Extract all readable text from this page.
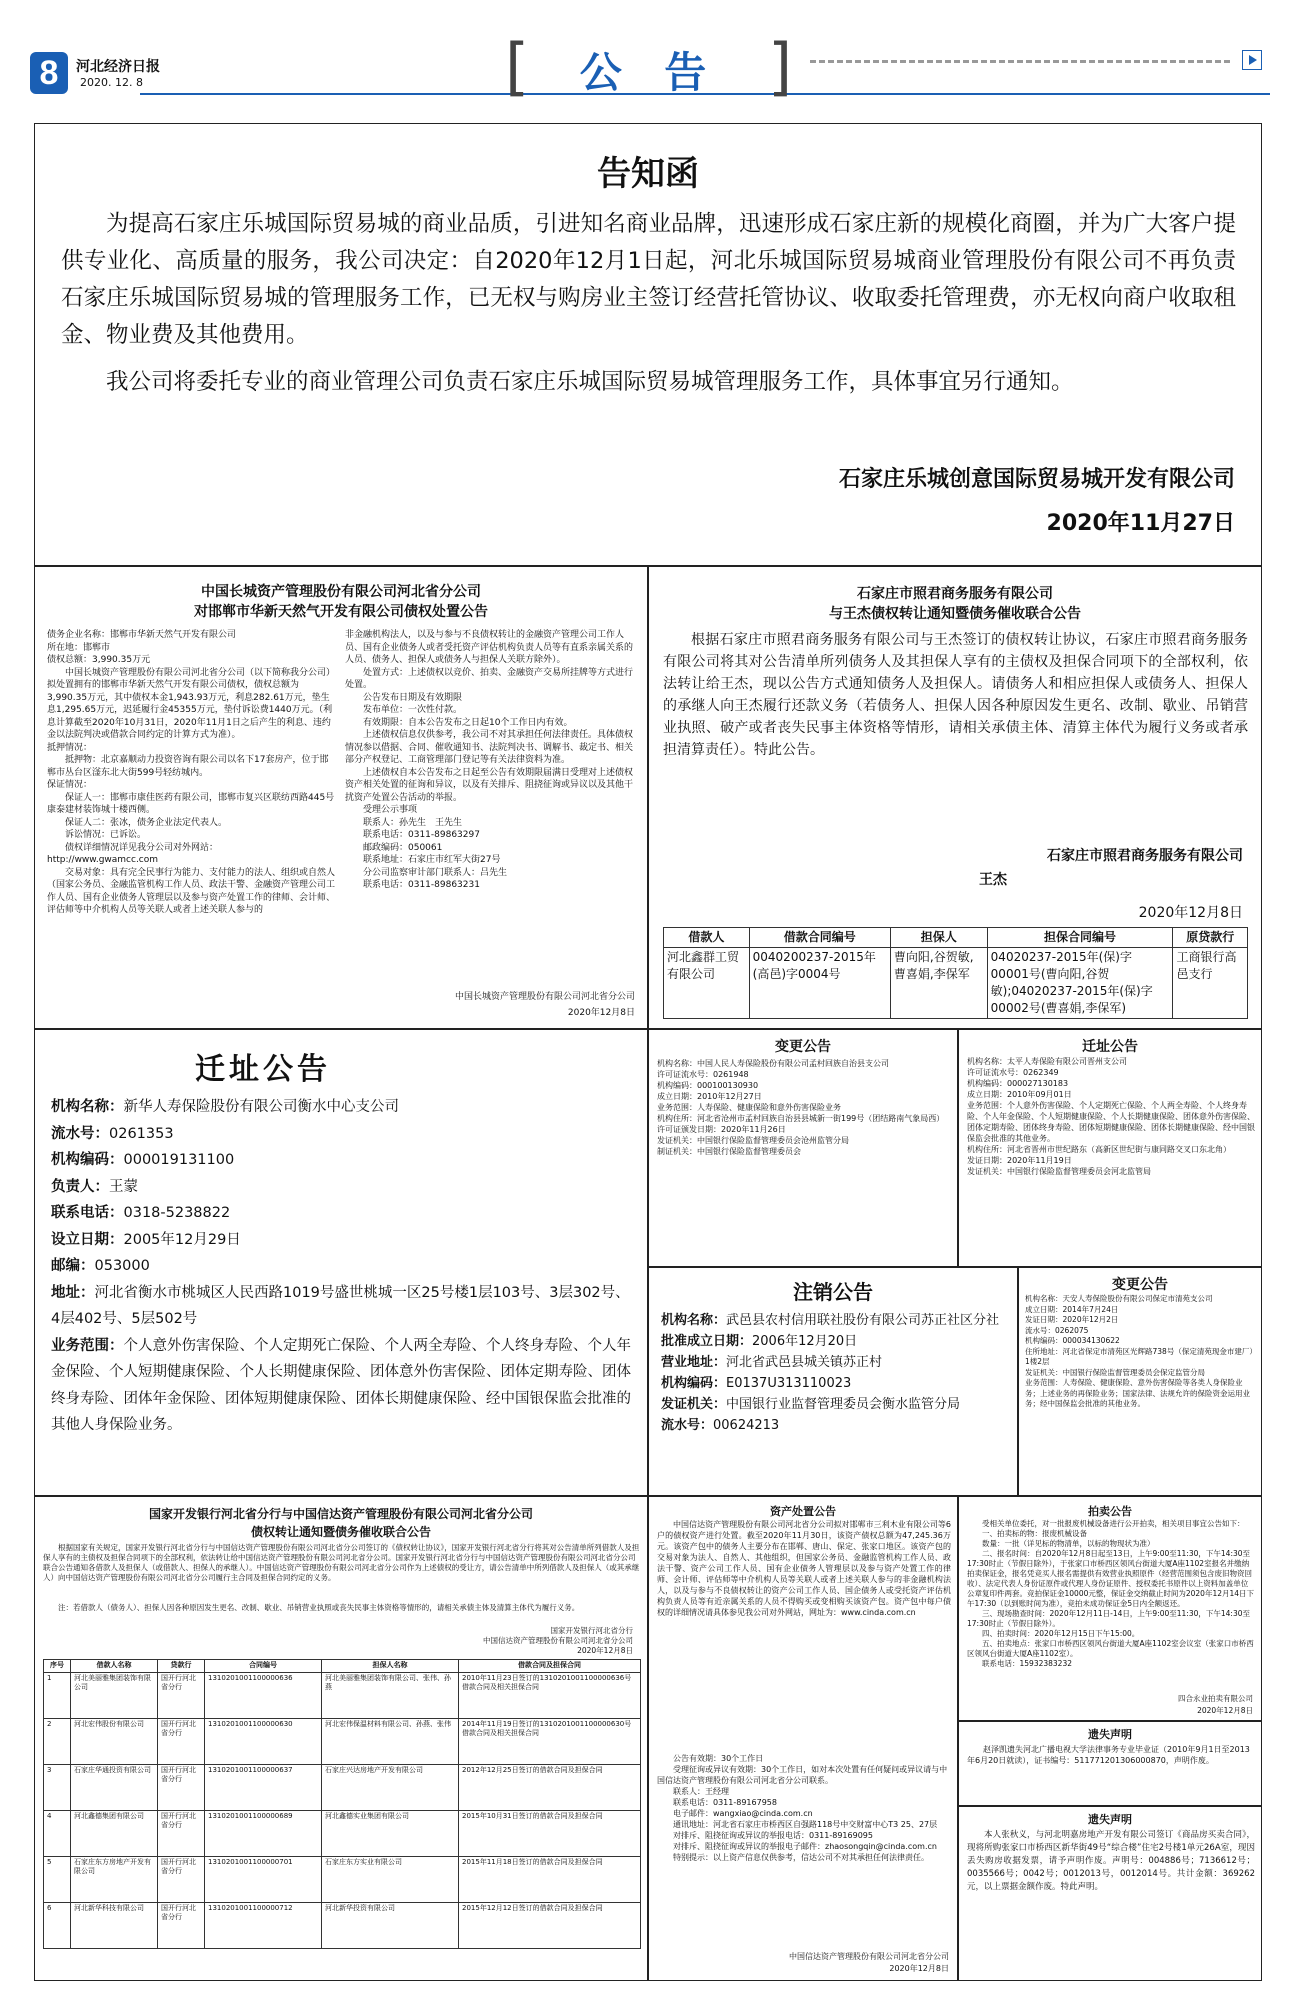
8	河北经济日报
2020. 12. 8	[	公 告 ]
告知函

为提高石家庄乐城国际贸易城的商业品质，引进知名商业品牌，迅速形成石家庄新的规模化商圈，并为广大客户提供专业化、高质量的服务，我公司决定：自2020年12月1日起，河北乐城国际贸易城商业管理股份有限公司不再负责石家庄乐城国际贸易城的管理服务工作，已无权与购房业主签订经营托管协议、收取委托管理费，亦无权向商户收取租金、物业费及其他费用。

我公司将委托专业的商业管理公司负责石家庄乐城国际贸易城管理服务工作，具体事宜另行通知。

石家庄乐城创意国际贸易城开发有限公司
2020年11月27日
中国长城资产管理股份有限公司河北省分公司
对邯郸市华新天然气开发有限公司债权处置公告

债务企业名称：邯郸市华新天然气开发有限公司

所在地：邯郸市

债权总额：3,990.35万元

中国长城资产管理股份有限公司河北省分公司（以下简称我分公司）拟处置拥有的邯郸市华新天然气开发有限公司债权，债权总额为3,990.35万元，其中债权本金1,943.93万元，利息282.61万元，垫生息1,295.65万元，迟延履行金45355万元，垫付诉讼费1440万元。（利息计算截至2020年10月31日，2020年11月1日之后产生的利息、违约金以法院判决或借款合同约定的计算方式为准）。

抵押情况：

抵押物：北京嘉顺动力投资咨询有限公司以名下17套房产，位于邯郸市丛台区滏东北大街599号轻纺城内。

保证情况：

保证人一：邯郸市康佳医药有限公司，邯郸市复兴区联纺西路445号康泰建材装饰城十楼西侧。

保证人二：张冰，债务企业法定代表人。

诉讼情况：已诉讼。

债权详细情况详见我分公司对外网站：

http://www.gwamcc.com

交易对象：具有完全民事行为能力、支付能力的法人、组织或自然人（国家公务员、金融监管机构工作人员、政法干警、金融资产管理公司工作人员、国有企业债务人管理层以及参与资产处置工作的律师、会计师、评估师等中介机构人员等关联人或者上述关联人参与的

非金融机构法人，以及与参与不良债权转让的金融资产管理公司工作人员、国有企业债务人或者受托资产评估机构负责人员等有直系亲属关系的人员、债务人、担保人或债务人与担保人关联方除外）。

处置方式：上述债权以竞价、拍卖、金融资产交易所挂牌等方式进行处置。

公告发布日期及有效期限

发布单位：一次性付款。

有效期限：自本公告发布之日起10个工作日内有效。

上述债权信息仅供参考，我公司不对其承担任何法律责任。具体债权情况参以借据、合同、催收通知书、法院判决书、调解书、裁定书、相关部分产权登记、工商管理部门登记等有关法律资料为准。

上述债权自本公告发布之日起至公告有效期限届满日受理对上述债权资产相关处置的征询和异议，以及有关排斥、阻挠征询或异议以及其他干扰资产处置公告活动的举报。

受理公示事项

联系人：孙先生　王先生

联系电话：0311-89863297

邮政编码：050061

联系地址：石家庄市红军大街27号

分公司监察审计部门联系人：吕先生

联系电话：0311-89863231

中国长城资产管理股份有限公司河北省分公司
2020年12月8日
石家庄市照君商务服务有限公司
与王杰债权转让通知暨债务催收联合公告

根据石家庄市照君商务服务有限公司与王杰签订的债权转让协议，石家庄市照君商务服务有限公司将其对公告清单所列债务人及其担保人享有的主债权及担保合同项下的全部权利，依法转让给王杰，现以公告方式通知债务人及担保人。请债务人和相应担保人或债务人、担保人的承继人向王杰履行还款义务（若债务人、担保人因各种原因发生更名、改制、歇业、吊销营业执照、破产或者丧失民事主体资格等情形，请相关承债主体、清算主体代为履行义务或者承担清算责任）。特此公告。

石家庄市照君商务服务有限公司
王杰
2020年12月8日
借款人	借款合同编号	担保人	担保合同编号	原贷款行
河北鑫群工贸有限公司	0040200237-2015年(高邑)字0004号	曹向阳,谷贺敏,曹喜娟,李保军	04020237-2015年(保)字00001号(曹向阳,谷贺敏);04020237-2015年(保)字00002号(曹喜娟,李保军)	工商银行高邑支行
迁址公告

机构名称：新华人寿保险股份有限公司衡水中心支公司

流水号：0261353

机构编码：000019131100

负责人：王蒙

联系电话：0318-5238822

设立日期：2005年12月29日

邮编：053000

地址：河北省衡水市桃城区人民西路1019号盛世桃城一区25号楼1层103号、3层302号、4层402号、5层502号

业务范围：个人意外伤害保险、个人定期死亡保险、个人两全寿险、个人终身寿险、个人年金保险、个人短期健康保险、个人长期健康保险、团体意外伤害保险、团体定期寿险、团体终身寿险、团体年金保险、团体短期健康保险、团体长期健康保险、经中国银保监会批准的其他人身保险业务。

变更公告

机构名称：中国人民人寿保险股份有限公司孟村回族自治县支公司

许可证流水号：0261948

机构编码：000100130930

成立日期：2010年12月27日

业务范围：人寿保险、健康保险和意外伤害保险业务

机构住所：河北省沧州市孟村回族自治县县城新一街199号（团结路南气象局西）

许可证颁发日期：2020年11月26日

发证机关：中国银行保险监督管理委员会沧州监管分局

制证机关：中国银行保险监督管理委员会

迁址公告

机构名称：太平人寿保险有限公司晋州支公司

许可证流水号：0262349

机构编码：000027130183

成立日期：2010年09月01日

业务范围：个人意外伤害保险、个人定期死亡保险、个人两全寿险、个人终身寿险、个人年金保险、个人短期健康保险、个人长期健康保险、团体意外伤害保险、团体定期寿险、团体终身寿险、团体短期健康保险、团体长期健康保险、经中国银保监会批准的其他业务。

机构住所：河北省晋州市世纪路东（高新区世纪街与康同路交叉口东北角）

发证日期：2020年11月19日

发证机关：中国银行保险监督管理委员会河北监管局

注销公告

机构名称：武邑县农村信用联社股份有限公司苏正社区分社

批准成立日期：2006年12月20日

营业地址：河北省武邑县城关镇苏正村

机构编码：E0137U313110023

发证机关：中国银行业监督管理委员会衡水监管分局

流水号：00624213

变更公告

机构名称：天安人寿保险股份有限公司保定市清苑支公司

成立日期：2014年7月24日

发证日期：2020年12月2日

流水号：0262075

机构编码：000034130622

住所地址：河北省保定市清苑区光辉路738号（保定清苑现金市建厂）1楼2层

发证机关：中国银行保险监督管理委员会保定监管分局

业务范围：人寿保险、健康保险、意外伤害保险等各类人身保险业务；上述业务的再保险业务；国家法律、法规允许的保险资金运用业务；经中国保监会批准的其他业务。

国家开发银行河北省分行与中国信达资产管理股份有限公司河北省分公司
债权转让通知暨债务催收联合公告

根据国家有关规定，国家开发银行河北省分行与中国信达资产管理股份有限公司河北省分公司签订的《债权转让协议》，国家开发银行河北省分行将其对公告清单所列借款人及担保人享有的主债权及担保合同项下的全部权利，依法转让给中国信达资产管理股份有限公司河北省分公司。国家开发银行河北省分行与中国信达资产管理股份有限公司河北省分公司联合公告通知各借款人及担保人（或借款人、担保人的承继人）。中国信达资产管理股份有限公司河北省分公司作为上述债权的受让方，请公告清单中所列借款人及担保人（或其承继人）向中国信达资产管理股份有限公司河北省分公司履行主合同及担保合同约定的义务。

注：若借款人（债务人）、担保人因各种原因发生更名、改制、歇业、吊销营业执照或丧失民事主体资格等情形的，请相关承债主体及清算主体代为履行义务。

国家开发银行河北省分行
中国信达资产管理股份有限公司河北省分公司
2020年12月8日
序号	借款人名称	贷款行	合同编号	担保人名称	借款合同及担保合同
1	河北美丽雅集团装饰有限公司	国开行河北省分行	1310201001100000636	河北美丽雅集团装饰有限公司、张伟、孙燕	2010年11月23日签订的1310201001100000636号借款合同及相关担保合同
2	河北宏伟股份有限公司	国开行河北省分行	1310201001100000630	河北宏伟保温材料有限公司、孙燕、张伟	2014年11月19日签订的1310201001100000630号借款合同及相关担保合同
3	石家庄华通投资有限公司	国开行河北省分行	1310201001100000637	石家庄兴达房地产开发有限公司	2012年12月25日签订的借款合同及担保合同
4	河北鑫德集团有限公司	国开行河北省分行	1310201001100000689	河北鑫德实业集团有限公司	2015年10月31日签订的借款合同及担保合同
5	石家庄东方房地产开发有限公司	国开行河北省分行	1310201001100000701	石家庄东方实业有限公司	2015年11月18日签订的借款合同及担保合同
6	河北新华科技有限公司	国开行河北省分行	1310201001100000712	河北新华投资有限公司	2015年12月12日签订的借款合同及担保合同
资产处置公告

中国信达资产管理股份有限公司河北省分公司拟对邯郸市三利木业有限公司等6户的债权资产进行处置。截至2020年11月30日，该资产债权总额为47,245.36万元。该资产包中的债务人主要分布在邯郸、唐山、保定、张家口地区。该资产包的交易对象为法人、自然人、其他组织，但国家公务员、金融监管机构工作人员、政法干警、资产公司工作人员、国有企业债务人管理层以及参与资产处置工作的律师、会计师、评估师等中介机构人员等关联人或者上述关联人参与的非金融机构法人，以及与参与不良债权转让的资产公司工作人员、国企债务人或受托资产评估机构负责人员等有近亲属关系的人员不得购买或变相购买该资产包。资产包中每户债权的详细情况请具体参见我公司对外网站，网址为：www.cinda.com.cn

公告有效期：30个工作日

受理征询或异议有效期：30个工作日，如对本次处置有任何疑问或异议请与中国信达资产管理股份有限公司河北省分公司联系。

联系人：王经理

联系电话：0311-89167958

电子邮件：wangxiao@cinda.com.cn

通讯地址：河北省石家庄市桥西区自强路118号中交财富中心T3 25、27层

对排斥、阻挠征询或异议的举报电话：0311-89169095

对排斥、阻挠征询或异议的举报电子邮件：zhaosongqin@cinda.com.cn

特别提示：以上资产信息仅供参考，信达公司不对其承担任何法律责任。

中国信达资产管理股份有限公司河北省分公司
2020年12月8日
拍卖公告

受相关单位委托，对一批报废机械设备进行公开拍卖，相关项目事宜公告如下：

一、拍卖标的物：报废机械设备

数量：一批（详见标的物清单，以标的物现状为准）

二、报名时间：自2020年12月8日起至13日，上午9:00至11:30，下午14:30至17:30时止（节假日除外），于张家口市桥西区领风台街道大厦A座1102室报名并缴纳拍卖保证金，报名凭竞买人报名需提供有效营业执照原件（经营范围须包含废旧物资回收）、法定代表人身份证原件或代理人身份证原件、授权委托书原件以上资料加盖单位公章复印件两套。竞拍保证金10000元整，保证金交纳截止时间为2020年12月14日下午17:30（以到账时间为准），竞拍未成功保证金5日内全额返还。

三、现场勘查时间：2020年12月11日-14日，上午9:00至11:30，下午14:30至17:30时止（节假日除外）。

四、拍卖时间：2020年12月15日下午15:00。

五、拍卖地点：张家口市桥西区领风台街道大厦A座1102室会议室（张家口市桥西区领风台街道大厦A座1102室）。

联系电话：15932383232

四合永业拍卖有限公司
2020年12月8日
遗失声明

赵泽凯遗失河北广播电视大学法律事务专业毕业证（2010年9月1日至2013年6月20日就读），证书编号：511771201306000870，声明作废。

遗失声明

本人张秋义，与河北明嘉房地产开发有限公司签订《商品房买卖合同》，现将所购张家口市桥西区新华街49号“综合楼”住宅2号楼1单元26A室，现因丢失购房收据发票，请予声明作废。声明号：004886号；7136612号；0035566号；0042号；0012013号，0012014号。共计金额：369262元，以上票据金额作废。特此声明。
